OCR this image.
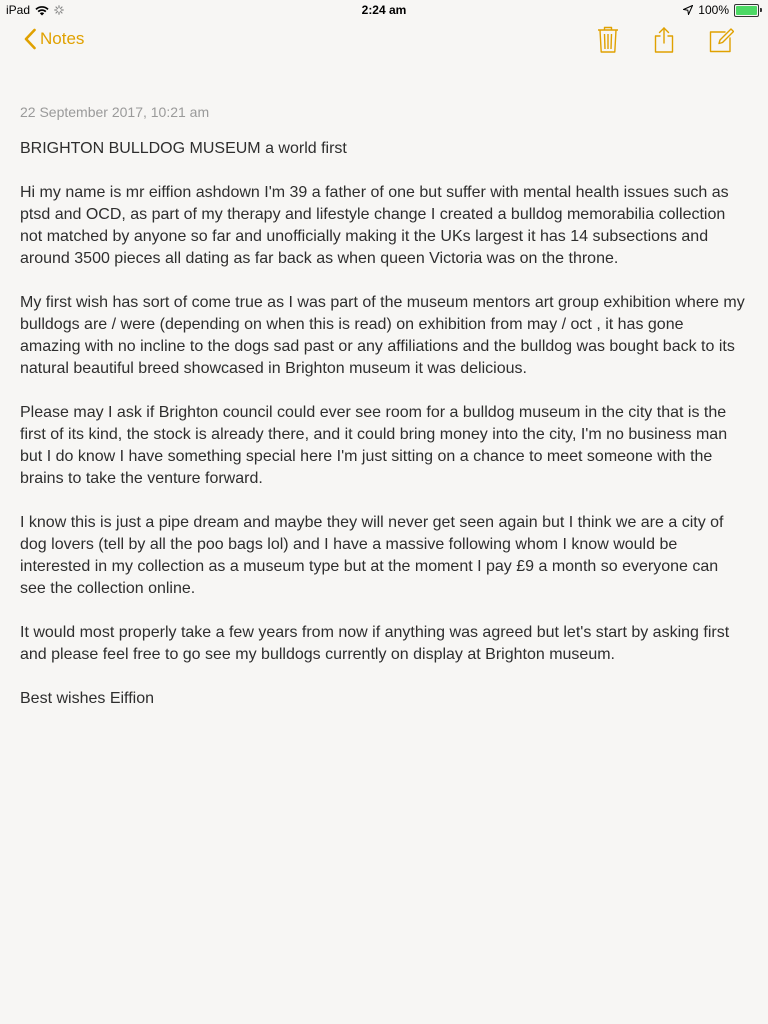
iPad	2:24 am	100%
Notes
22 September 2017, 10:21 am

BRIGHTON BULLDOG MUSEUM a world first

Hi my name is mr eiffion ashdown I'm 39 a father of one but suffer with mental health issues such as ptsd and OCD, as part of my therapy and lifestyle change I created a bulldog memorabilia collection not matched by anyone so far and unofficially making it the UKs largest it has 14 subsections and around 3500 pieces all dating as far back as when queen Victoria was on the throne.

My first wish has sort of come true as I was part of the museum mentors art group exhibition where my bulldogs are / were (depending on when this is read) on exhibition from may / oct , it has gone amazing with no incline to the dogs sad past or any affiliations and the bulldog was bought back to its natural beautiful breed showcased in Brighton museum it was delicious.

Please may I ask if Brighton council could ever see room for a bulldog museum in the city that is the first of its kind, the stock is already there, and it could bring money into the city, I'm no business man but I do know I have something special here I'm just sitting on a chance to meet someone with the brains to take the venture forward.

I know this is just a pipe dream and maybe they will never get seen again but I think we are a city of dog lovers (tell by all the poo bags lol) and I have a massive following whom I know would be interested in my collection as a museum type but at the moment I pay £9 a month so everyone can see the collection online.

It would most properly take a few years from now if anything was agreed but let's start by asking first and please feel free to go see my bulldogs currently on display at Brighton museum.

Best wishes Eiffion
